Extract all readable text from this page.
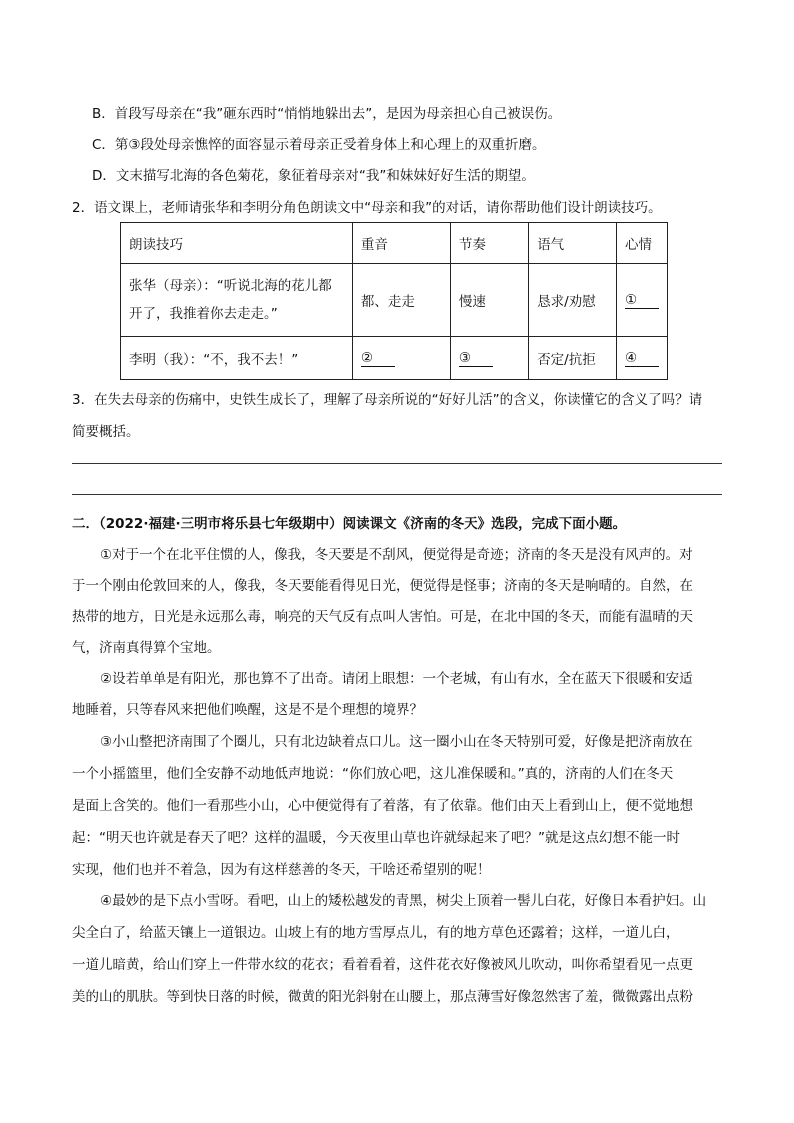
B．首段写母亲在“我”砸东西时“悄悄地躲出去”，是因为母亲担心自己被误伤。
C．第③段处母亲憔悴的面容显示着母亲正受着身体上和心理上的双重折磨。
D．文末描写北海的各色菊花，象征着母亲对“我”和妹妹好好生活的期望。
2．语文课上，老师请张华和李明分角色朗读文中“母亲和我”的对话，请你帮助他们设计朗读技巧。
朗读技巧	重音	节奏	语气	心情

张华（母亲）：“听说北海的花儿都
开了，我推着你去走走。”	都、走走	慢速	恳求/劝慰	①
李明（我）：“不，我不去！”	②	③	否定/抗拒	④
3．在失去母亲的伤痛中，史铁生成长了，理解了母亲所说的“好好儿活”的含义，你读懂它的含义了吗？请
简要概括。
二．（2022·福建·三明市将乐县七年级期中）阅读课文《济南的冬天》选段，完成下面小题。
①对于一个在北平住惯的人，像我，冬天要是不刮风，便觉得是奇迹；济南的冬天是没有风声的。对
于一个刚由伦敦回来的人，像我，冬天要能看得见日光，便觉得是怪事；济南的冬天是响晴的。自然，在
热带的地方，日光是永远那么毒，响亮的天气反有点叫人害怕。可是，在北中国的冬天，而能有温晴的天
气，济南真得算个宝地。
②设若单单是有阳光，那也算不了出奇。请闭上眼想：一个老城，有山有水，全在蓝天下很暖和安适
地睡着，只等春风来把他们唤醒，这是不是个理想的境界？
③小山整把济南围了个圈儿，只有北边缺着点口儿。这一圈小山在冬天特别可爱，好像是把济南放在
一个小摇篮里，他们全安静不动地低声地说：“你们放心吧，这儿准保暖和。”真的，济南的人们在冬天
是面上含笑的。他们一看那些小山，心中便觉得有了着落，有了依靠。他们由天上看到山上，便不觉地想
起：“明天也许就是春天了吧？这样的温暖，今天夜里山草也许就绿起来了吧？”就是这点幻想不能一时
实现，他们也并不着急，因为有这样慈善的冬天，干啥还希望别的呢！
④最妙的是下点小雪呀。看吧，山上的矮松越发的青黑，树尖上顶着一髻儿白花，好像日本看护妇。山
尖全白了，给蓝天镶上一道银边。山坡上有的地方雪厚点儿，有的地方草色还露着；这样，一道儿白，
一道儿暗黄，给山们穿上一件带水纹的花衣；看着看着，这件花衣好像被风儿吹动，叫你希望看见一点更
美的山的肌肤。等到快日落的时候，微黄的阳光斜射在山腰上，那点薄雪好像忽然害了羞，微微露出点粉
